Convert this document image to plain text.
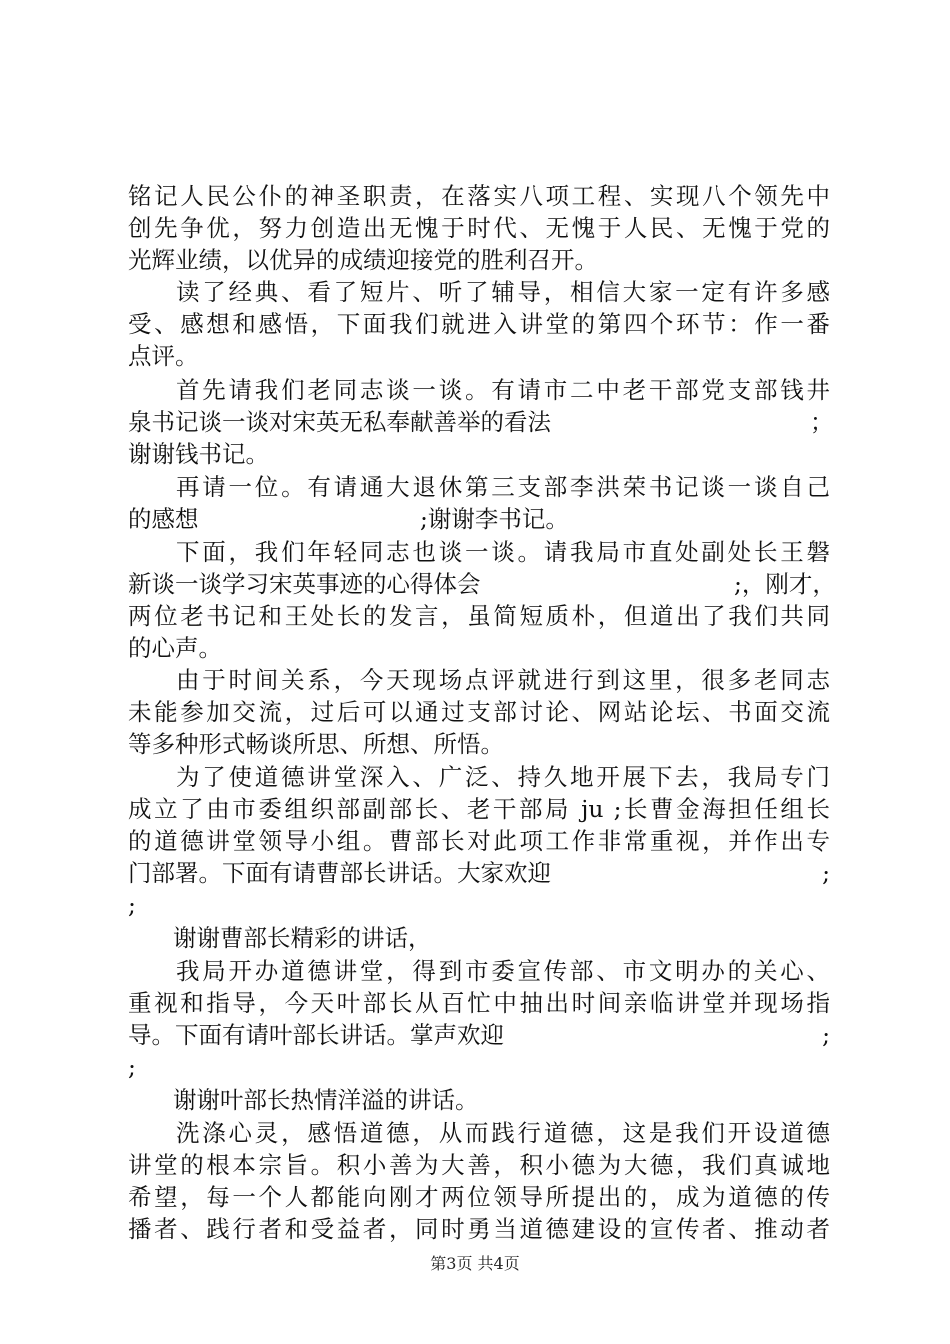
铭记人民公仆的神圣职责，在落实八项工程、实现八个领先中
创先争优，努力创造出无愧于时代、无愧于人民、无愧于党的
光辉业绩，以优异的成绩迎接党的胜利召开。
读了经典、看了短片、听了辅导，相信大家一定有许多感
受、感想和感悟，下面我们就进入讲堂的第四个环节：作一番
点评。
首先请我们老同志谈一谈。有请市二中老干部党支部钱井
泉书记谈一谈对宋英无私奉献善举的看法	；
谢谢钱书记。
再请一位。有请通大退休第三支部李洪荣书记谈一谈自己
的感想	;谢谢李书记。
下面，我们年轻同志也谈一谈。请我局市直处副处长王磐
新谈一谈学习宋英事迹的心得体会	;，刚才，
两位老书记和王处长的发言，虽简短质朴，但道出了我们共同
的心声。
由于时间关系，今天现场点评就进行到这里，很多老同志
未能参加交流，过后可以通过支部讨论、网站论坛、书面交流
等多种形式畅谈所思、所想、所悟。
为了使道德讲堂深入、广泛、持久地开展下去，我局专门
成立了由市委组织部副部长、老干部局 ju ;长曹金海担任组长
的道德讲堂领导小组。曹部长对此项工作非常重视，并作出专
门部署。下面有请曹部长讲话。大家欢迎	;
;
谢谢曹部长精彩的讲话，
我局开办道德讲堂，得到市委宣传部、市文明办的关心、
重视和指导，今天叶部长从百忙中抽出时间亲临讲堂并现场指
导。下面有请叶部长讲话。掌声欢迎	;
;
谢谢叶部长热情洋溢的讲话。
洗涤心灵，感悟道德，从而践行道德，这是我们开设道德
讲堂的根本宗旨。积小善为大善，积小德为大德，我们真诚地
希望，每一个人都能向刚才两位领导所提出的，成为道德的传
播者、践行者和受益者，同时勇当道德建设的宣传者、推动者
第3页 共4页
